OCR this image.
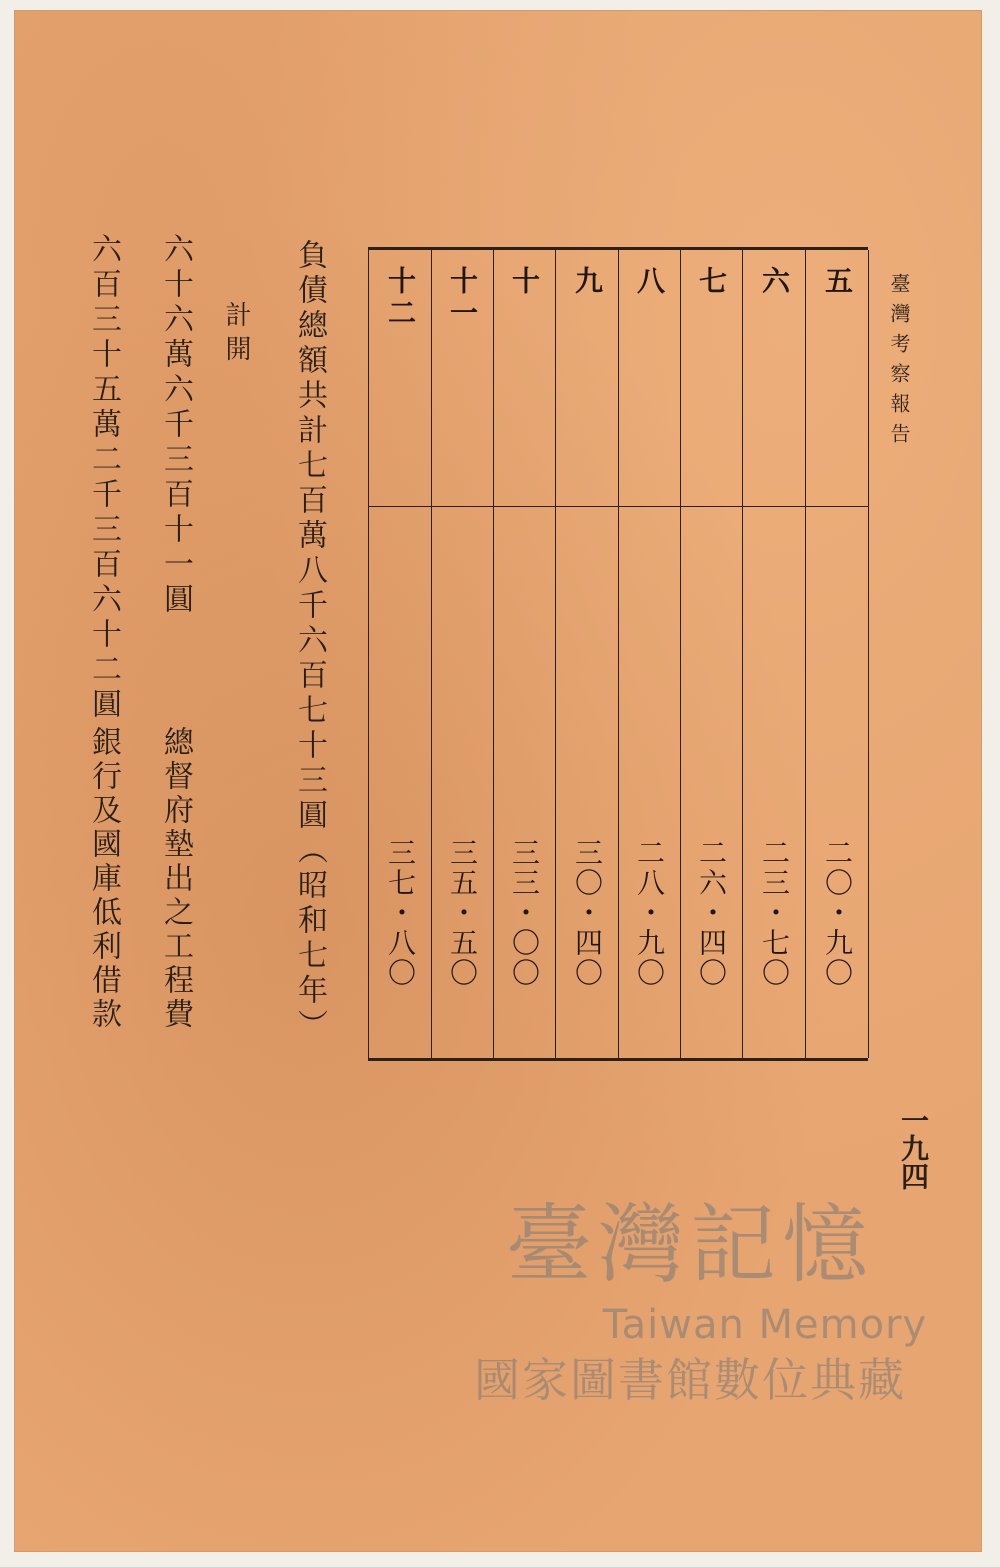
臺灣考察報告
五
二〇・九〇
六
二三・七〇
七
二六・四〇
八
二八・九〇
九
三〇・四〇
十
三三・〇〇
十一
三五・五〇
十二
三七・八〇
負債總額共計七百萬八千六百七十三圓（昭和七年）
計開
六十六萬六千三百十一圓
總督府墊出之工程費
六百三十五萬二千三百六十二圓
銀行及國庫低利借款
一九四
臺灣記憶
Taiwan Memory
國家圖書館數位典藏
